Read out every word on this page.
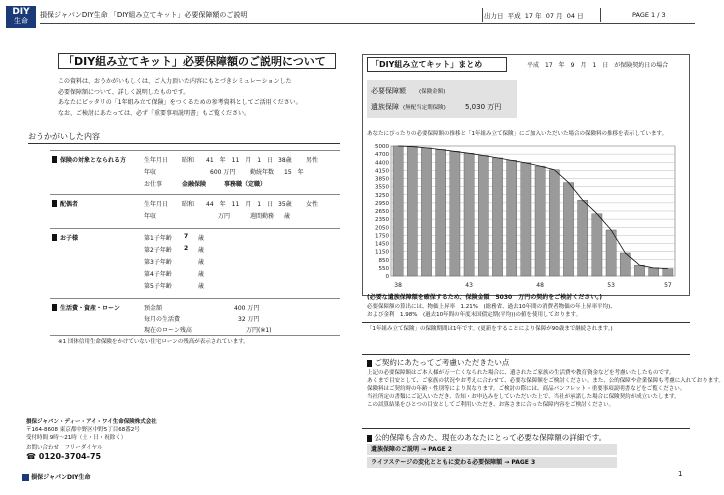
DIY
生命
損保ジャパンDIY生命 「DIY組み立てキット」必要保障額のご説明	出力日 平成 17 年 07 月 04 日	PAGE 1 / 3
「DIY組み立てキット」必要保障額のご説明について
この資料は、おうかがいもしくは、ご入力頂いた内容にもとづきシミュレーションした
必要保障額について、詳しく説明したものです。
あなたにピッタリの「1年組み立て保険」をつくるための参考資料としてご活用ください。
なお、ご検討にあたっては、必ず「重要事項説明書」もご覧ください。
おうかがいした内容
保険の対象となられる方	生年月日 昭和　　41　年　11　月　1　日 38歳 男性
年収	600 万円 勤続年数 15　年
お仕事	金融保険　　　事務職（定職）
配偶者	生年月日 昭和　　44　年　11　月　1　日 35歳 女性
年収	万円	週間勤務 歳
お子様	第1子年齢 7 歳
第2子年齢 2 歳
第3子年齢	歳
第4子年齢	歳
第5子年齢	歳
生活費・資産・ローン	預金額	400 万円
毎月の生活費	32 万円
現在のローン残高	万円(※1)
※1 団体信用生命保険をかけていない住宅ローンの残高が表示されています。
損保ジャパン・ディー・アイ・ワイ生命保険株式会社
〒164-8608 東京都中野区中野5丁目68番2号
受付時間 9時～21時（土・日・祝除く）
お問い合わせ　フリーダイヤル
☎ 0120-3704-75
損保ジャパンDIY生命
「DIY組み立てキット」まとめ	平成　17　年　9　月　1　日　が保険契約日の場合
必要保障額 (保険金額)
遺族保障 (無配当定期保険)	5,030 万円
あなたにぴったりの必要保障額の推移と「1年組み立て保険」にご加入いただいた場合の保険料の推移を表示しています。
0
550
850
1150
1450
1750
2050
2350
2650
2950
3250
3550
3850
4150
4400
4700
5000
38	43	48	53	57
(必要な遺族保障額を確保するため、保険金額　5030　万円の契約をご検討ください。)
必要保障額の算出には、物価上昇率　1.21%　(総務省、過去10年間の消費者物価の年上昇率平均)、
および金利　1.98%　(過去10年間の年度末国債定期(平均))の値を使用しております。
「1年組み立て保険」の保険期間は1年です。(更新をすることにより保障が90歳まで継続されます。)
ご契約にあたってご考慮いただきたい点
上記の必要保障額はご本人様が万一亡くなられた場合に、遺されたご家族の生活費や教育資金などを考慮いたしたものです。
あくまで目安として、ご家族の状況やお考えに合わせて、必要な保障額をご検討ください。また、公的保障や企業保障も考慮に入れております。
保険料はご契約時の年齢・性別等により異なります。ご検討の際には、商品パンフレット・重要事項説明書などをご覧ください。
当社所定の書類にご記入いただき、告知・お申込みをしていただいた上で、当社が承諾した場合に保険契約が成立いたします。
この試算結果をひとつの目安としてご利用いただき、お客さまに合った保障内容をご検討ください。
公的保障も含めた、現在のあなたにとって必要な保障額の詳細です。
遺族保障のご説明 → PAGE 2
ライフステージの変化とともに変わる必要保障額 → PAGE 3
1
